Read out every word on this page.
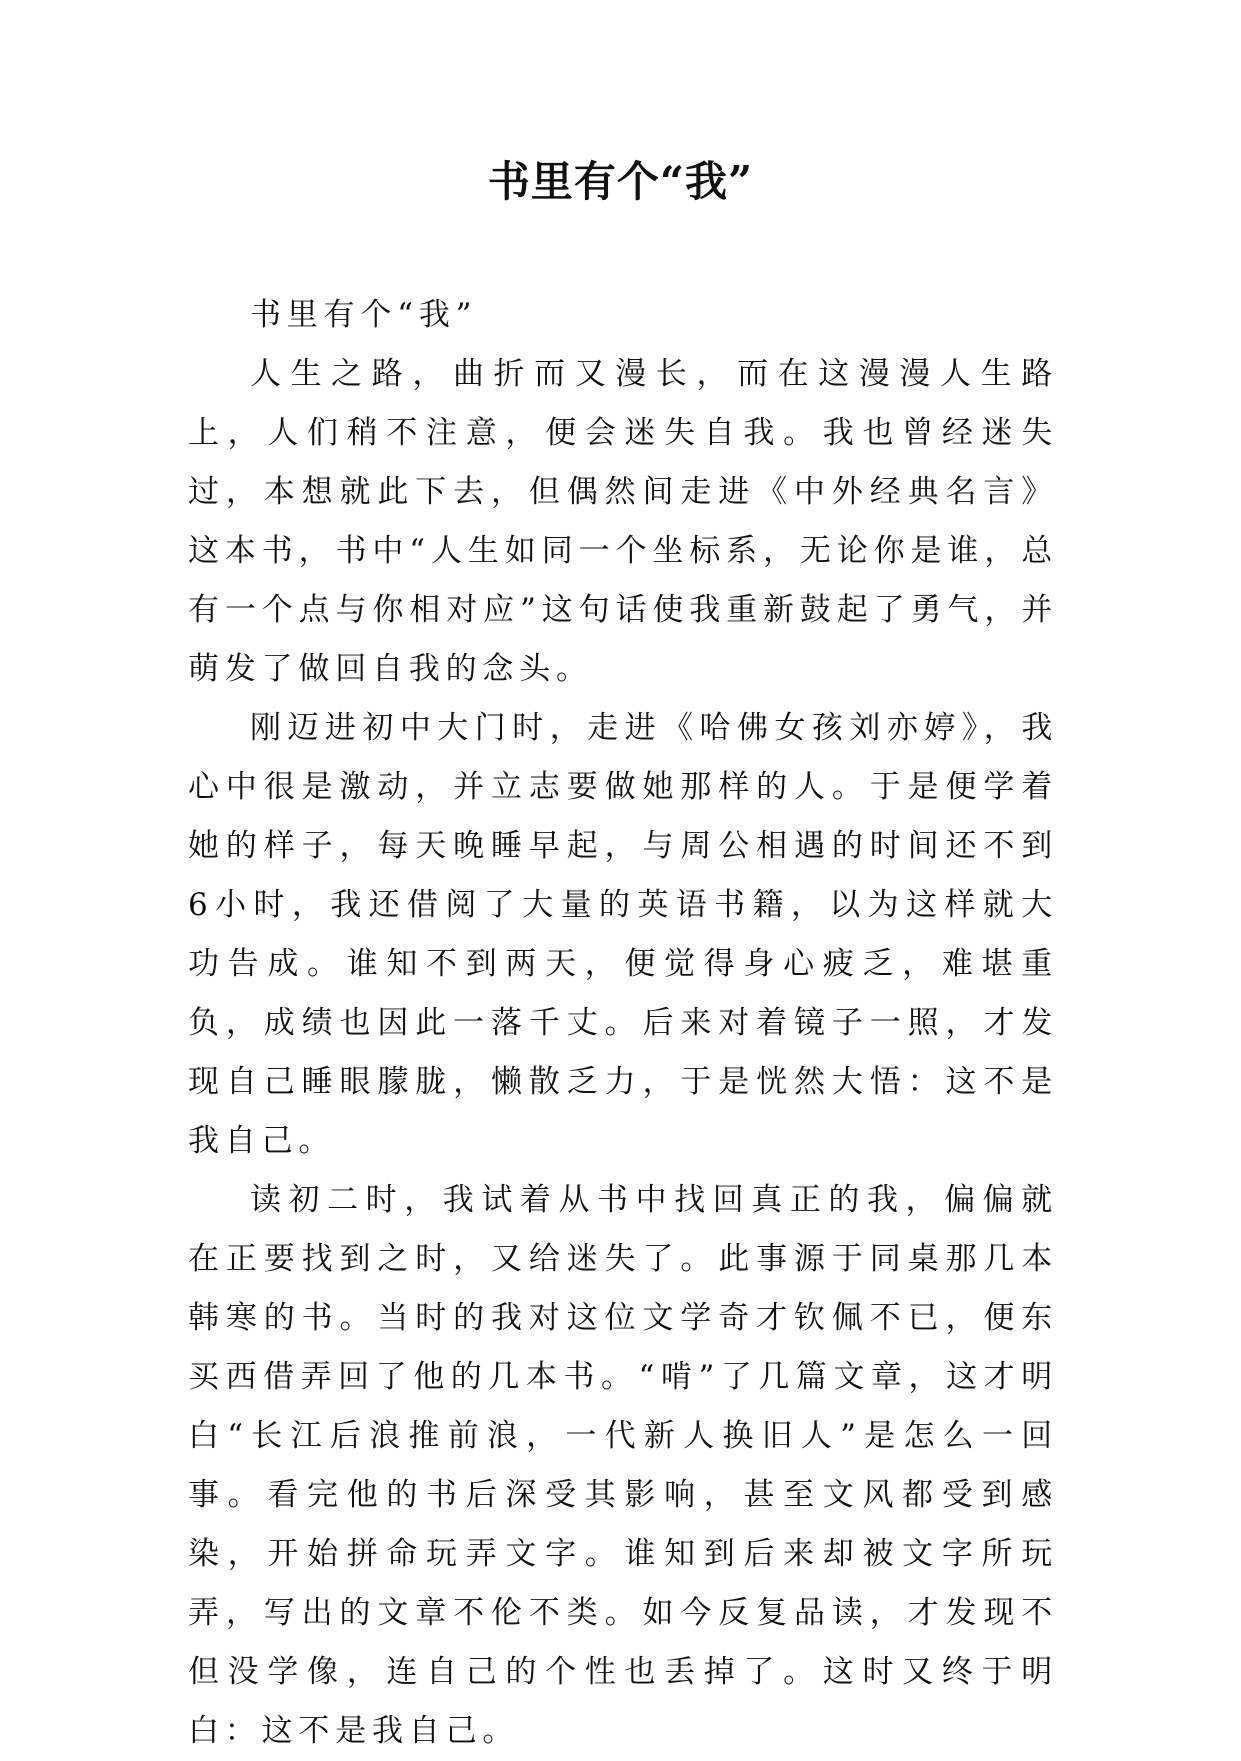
书里有个“我”

书里有个“我”

人生之路，曲折而又漫长，而在这漫漫人生路上，人们稍不注意，便会迷失自我。我也曾经迷失过，本想就此下去，但偶然间走进《中外经典名言》这本书，书中“人生如同一个坐标系，无论你是谁，总有一个点与你相对应”这句话使我重新鼓起了勇气，并萌发了做回自我的念头。

刚迈进初中大门时，走进《哈佛女孩刘亦婷》，我心中很是激动，并立志要做她那样的人。于是便学着她的样子，每天晚睡早起，与周公相遇的时间还不到6小时，我还借阅了大量的英语书籍，以为这样就大功告成。谁知不到两天，便觉得身心疲乏，难堪重负，成绩也因此一落千丈。后来对着镜子一照，才发现自己睡眼朦胧，懒散乏力，于是恍然大悟：这不是我自己。

读初二时，我试着从书中找回真正的我，偏偏就在正要找到之时，又给迷失了。此事源于同桌那几本韩寒的书。当时的我对这位文学奇才钦佩不已，便东买西借弄回了他的几本书。“啃”了几篇文章，这才明白“长江后浪推前浪，一代新人换旧人”是怎么一回事。看完他的书后深受其影响，甚至文风都受到感染，开始拼命玩弄文字。谁知到后来却被文字所玩弄，写出的文章不伦不类。如今反复品读，才发现不但没学像，连自己的个性也丢掉了。这时又终于明白：这不是我自己。
